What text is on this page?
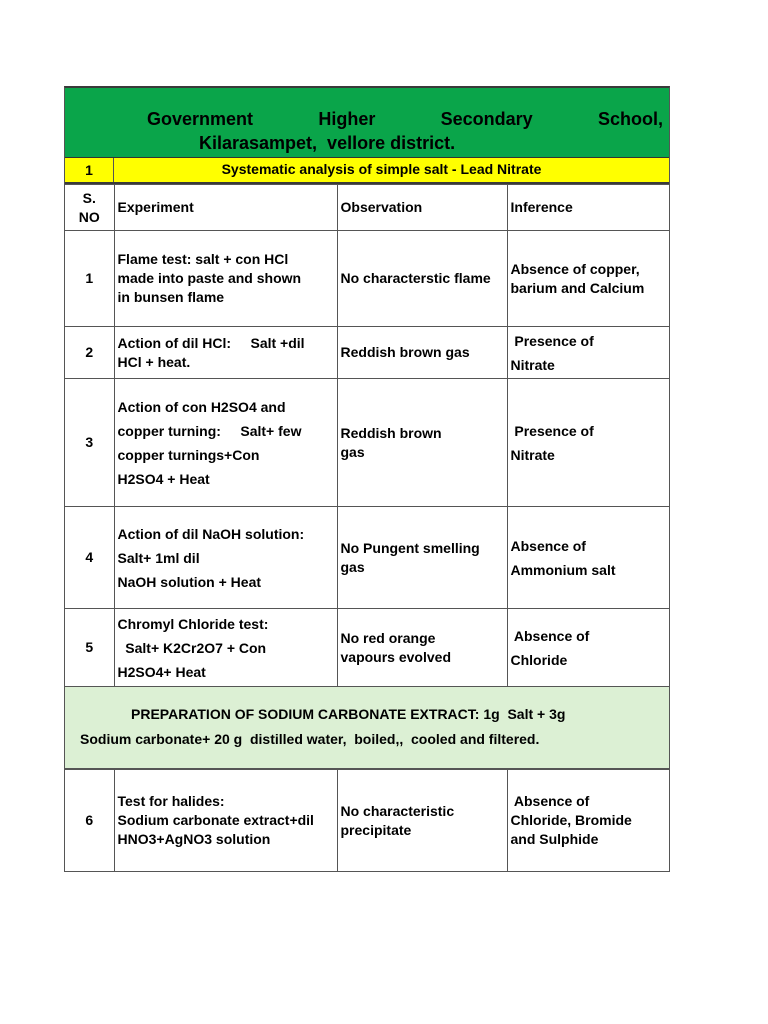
Government	Higher	Secondary	School,
Kilarasampet,  vellore district.
1	Systematic analysis of simple salt - Lead Nitrate
S.
NO	Experiment	Observation	Inference
1	Flame test: salt + con HCl
made into paste and shown
in bunsen flame	No characterstic flame	Absence of copper,
barium and Calcium

2	Action of dil HCl:     Salt +dil
HCl + heat.	Reddish brown gas	Presence of
Nitrate

3	Action of con H2SO4 and
copper turning:     Salt+ few
copper turnings+Con
H2SO4 + Heat	Reddish brown
gas	Presence of
Nitrate

4	Action of dil NaOH solution:
Salt+ 1ml dil
NaOH solution + Heat	No Pungent smelling
gas	Absence of
Ammonium salt

5	Chromyl Chloride test:
Salt+ K2Cr2O7 + Con
H2SO4+ Heat	No red orange
vapours evolved	Absence of
Chloride

PREPARATION OF SODIUM CARBONATE EXTRACT: 1g  Salt + 3g
Sodium carbonate+ 20 g  distilled water,  boiled,,  cooled and filtered.			

6	Test for halides:
Sodium carbonate extract+dil
HNO3+AgNO3 solution	No characteristic
precipitate	Absence of
Chloride, Bromide
and Sulphide
